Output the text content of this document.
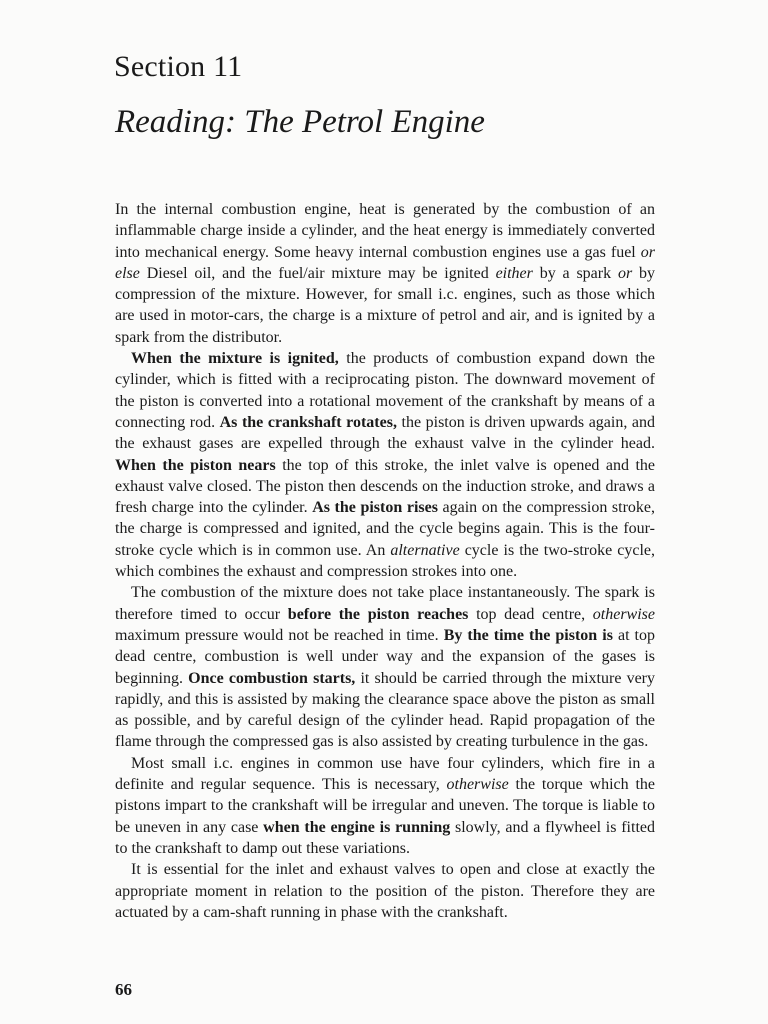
Section 11
Reading: The Petrol Engine

In the internal combustion engine, heat is generated by the combustion of an inflammable charge inside a cylinder, and the heat energy is immediately converted into mechanical energy. Some heavy internal combustion engines use a gas fuel or else Diesel oil, and the fuel/air mixture may be ignited either by a spark or by compression of the mixture. However, for small i.c. engines, such as those which are used in motor-cars, the charge is a mixture of petrol and air, and is ignited by a spark from the distributor.

When the mixture is ignited, the products of combustion expand down the cylinder, which is fitted with a reciprocating piston. The downward movement of the piston is converted into a rotational movement of the crankshaft by means of a connecting rod. As the crankshaft rotates, the piston is driven upwards again, and the exhaust gases are expelled through the exhaust valve in the cylinder head. When the piston nears the top of this stroke, the inlet valve is opened and the exhaust valve closed. The piston then descends on the induction stroke, and draws a fresh charge into the cylinder. As the piston rises again on the compression stroke, the charge is compressed and ignited, and the cycle begins again. This is the four-stroke cycle which is in common use. An alternative cycle is the two-stroke cycle, which combines the exhaust and compression strokes into one.

The combustion of the mixture does not take place instantaneously. The spark is therefore timed to occur before the piston reaches top dead centre, otherwise maximum pressure would not be reached in time. By the time the piston is at top dead centre, combustion is well under way and the expansion of the gases is beginning. Once combustion starts, it should be carried through the mixture very rapidly, and this is assisted by making the clearance space above the piston as small as possible, and by careful design of the cylinder head. Rapid propagation of the flame through the compressed gas is also assisted by creating turbulence in the gas.

Most small i.c. engines in common use have four cylinders, which fire in a definite and regular sequence. This is necessary, otherwise the torque which the pistons impart to the crankshaft will be irregular and uneven. The torque is liable to be uneven in any case when the engine is running slowly, and a flywheel is fitted to the crankshaft to damp out these variations.

It is essential for the inlet and exhaust valves to open and close at exactly the appropriate moment in relation to the position of the piston. Therefore they are actuated by a cam-shaft running in phase with the crankshaft.

66
